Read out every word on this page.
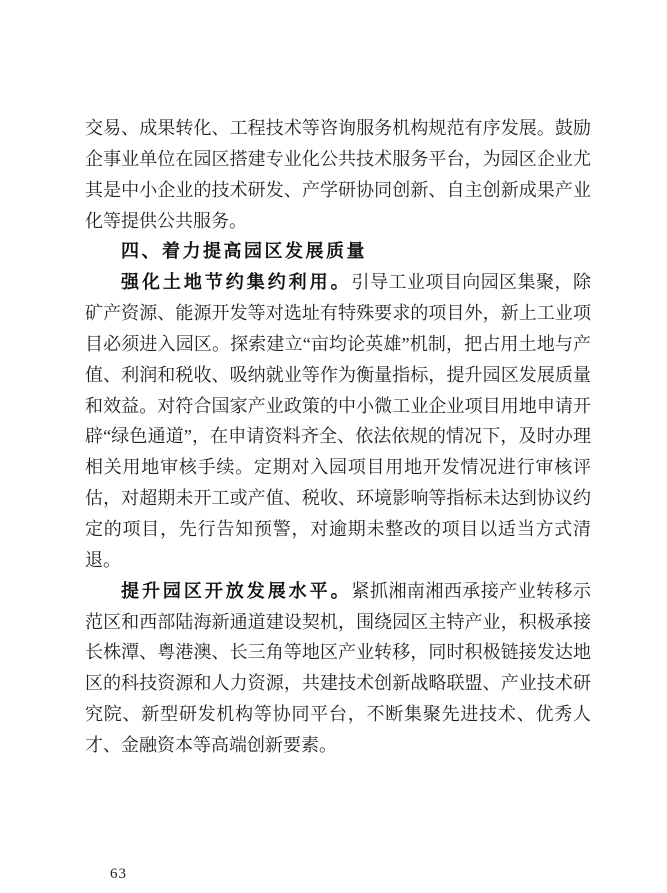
交易、成果转化、工程技术等咨询服务机构规范有序发展。鼓励企事业单位在园区搭建专业化公共技术服务平台，为园区企业尤其是中小企业的技术研发、产学研协同创新、自主创新成果产业化等提供公共服务。

四、着力提高园区发展质量

强化土地节约集约利用。引导工业项目向园区集聚，除矿产资源、能源开发等对选址有特殊要求的项目外，新上工业项目必须进入园区。探索建立“亩均论英雄”机制，把占用土地与产值、利润和税收、吸纳就业等作为衡量指标，提升园区发展质量和效益。对符合国家产业政策的中小微工业企业项目用地申请开辟“绿色通道”，在申请资料齐全、依法依规的情况下，及时办理相关用地审核手续。定期对入园项目用地开发情况进行审核评估，对超期未开工或产值、税收、环境影响等指标未达到协议约定的项目，先行告知预警，对逾期未整改的项目以适当方式清退。

提升园区开放发展水平。紧抓湘南湘西承接产业转移示范区和西部陆海新通道建设契机，围绕园区主特产业，积极承接长株潭、粤港澳、长三角等地区产业转移，同时积极链接发达地区的科技资源和人力资源，共建技术创新战略联盟、产业技术研究院、新型研发机构等协同平台，不断集聚先进技术、优秀人才、金融资本等高端创新要素。

63
